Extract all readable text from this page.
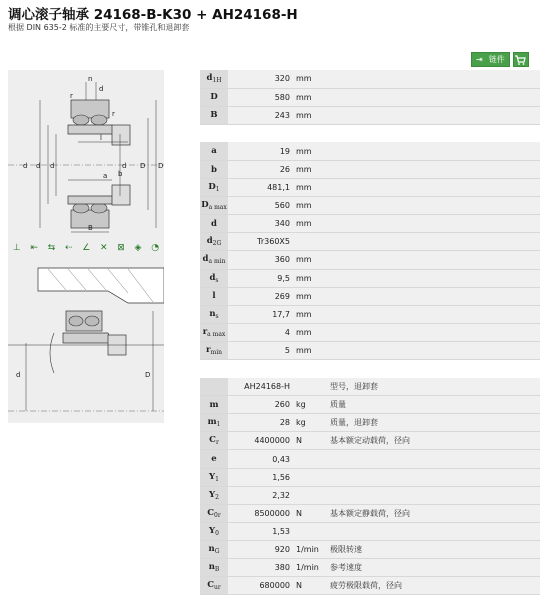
调心滚子轴承 24168-B-K30 + AH24168-H
根据 DIN 635-2 标准的主要尺寸，带锥孔和退卸套
⇥ 链件
n
d
r
r
l
b
a
d d d	d D D
B
⊥ ⇤ ⇆ ⇠ ∠ ✕ ⊠ ◈ ◔
d	D
$d_{1H}$	320	mm	
D	580	mm	
B	243	mm	

a	19	mm	
b	26	mm	
$D_1$	481,1	mm	
$D_{a max}$	560	mm	
d	340	mm	
$d_{2G}$	Tr360X5		
$d_{a min}$	360	mm	
$d_s$	9,5	mm	
l	269	mm	
$n_s$	17,7	mm	
$r_{a max}$	4	mm	
$r_{min}$	5	mm	

	AH24168-H		型号，退卸套
m	260	kg	质量
$m_1$	28	kg	质量，退卸套
$C_r$	4400000	N	基本额定动载荷，径向
e	0,43		
$Y_1$	1,56		
$Y_2$	2,32		
$C_{0r}$	8500000	N	基本额定静载荷，径向
$Y_0$	1,53		
$n_G$	920	1/min	极限转速
$n_B$	380	1/min	参考速度
$C_{ur}$	680000	N	疲劳极限载荷，径向
